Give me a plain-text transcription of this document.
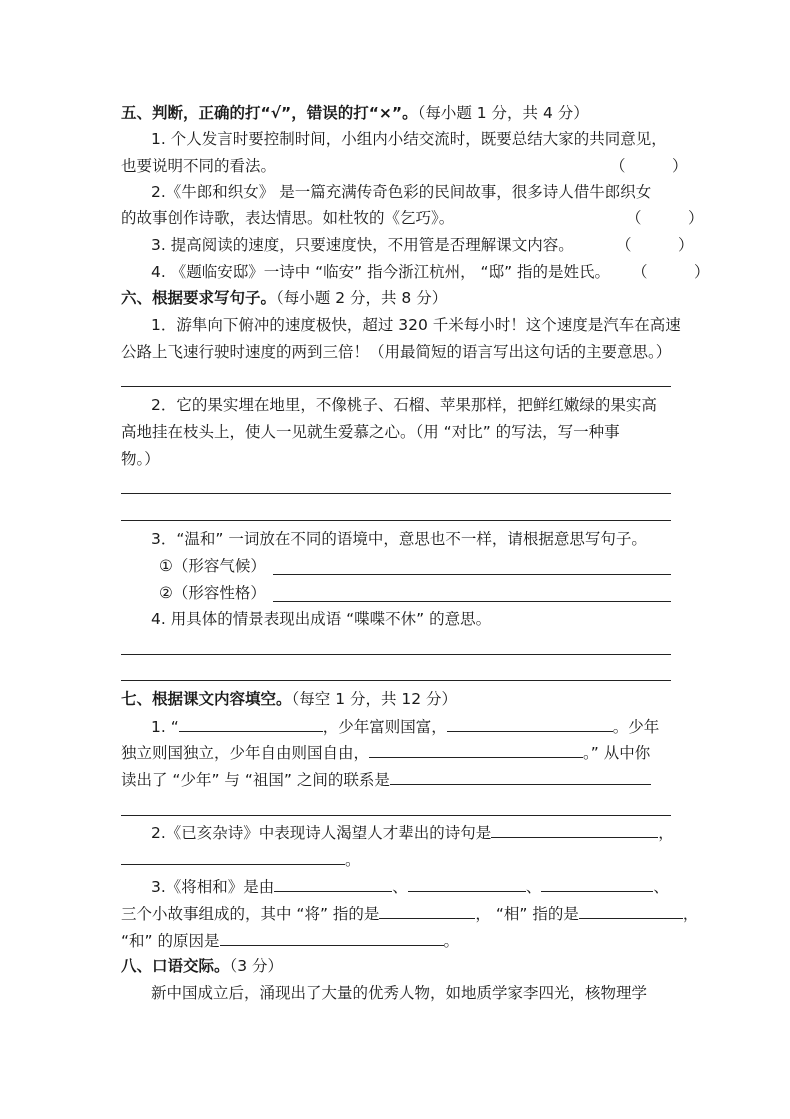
五、判断，正确的打“√”，错误的打“×”。（每小题 1 分，共 4 分）
1. 个人发言时要控制时间，小组内小结交流时，既要总结大家的共同意见，
也要说明不同的看法。	（　　　）
2.《牛郎和织女》 是一篇充满传奇色彩的民间故事，很多诗人借牛郎织女
的故事创作诗歌，表达情思。如杜牧的《乞巧》。	（　　　）
3. 提高阅读的速度，只要速度快，不用管是否理解课文内容。	（　　　）
4. 《题临安邸》一诗中 “临安” 指今浙江杭州， “邸” 指的是姓氏。 （　　　）
六、根据要求写句子。（每小题 2 分，共 8 分）
1．游隼向下俯冲的速度极快，超过 320 千米每小时！这个速度是汽车在高速
公路上飞速行驶时速度的两到三倍！（用最简短的语言写出这句话的主要意思。）
2．它的果实埋在地里，不像桃子、石榴、苹果那样，把鲜红嫩绿的果实高
高地挂在枝头上，使人一见就生爱慕之心。（用 “对比” 的写法，写一种事
物。）
3．“温和” 一词放在不同的语境中，意思也不一样，请根据意思写句子。
①（形容气候）
②（形容性格）
4. 用具体的情景表现出成语 “喋喋不休” 的意思。
七、根据课文内容填空。（每空 1 分，共 12 分）
1. “	，少年富则国富，	。少年
独立则国独立，少年自由则国自由，	。” 从中你
读出了 “少年” 与 “祖国” 之间的联系是
2.《已亥杂诗》中表现诗人渴望人才辈出的诗句是	，
。
3.《将相和》是由	、	、	、
三个小故事组成的，其中 “将” 指的是	， “相” 指的是	，
“和” 的原因是	。
八、口语交际。（3 分）
新中国成立后，涌现出了大量的优秀人物，如地质学家李四光，核物理学
